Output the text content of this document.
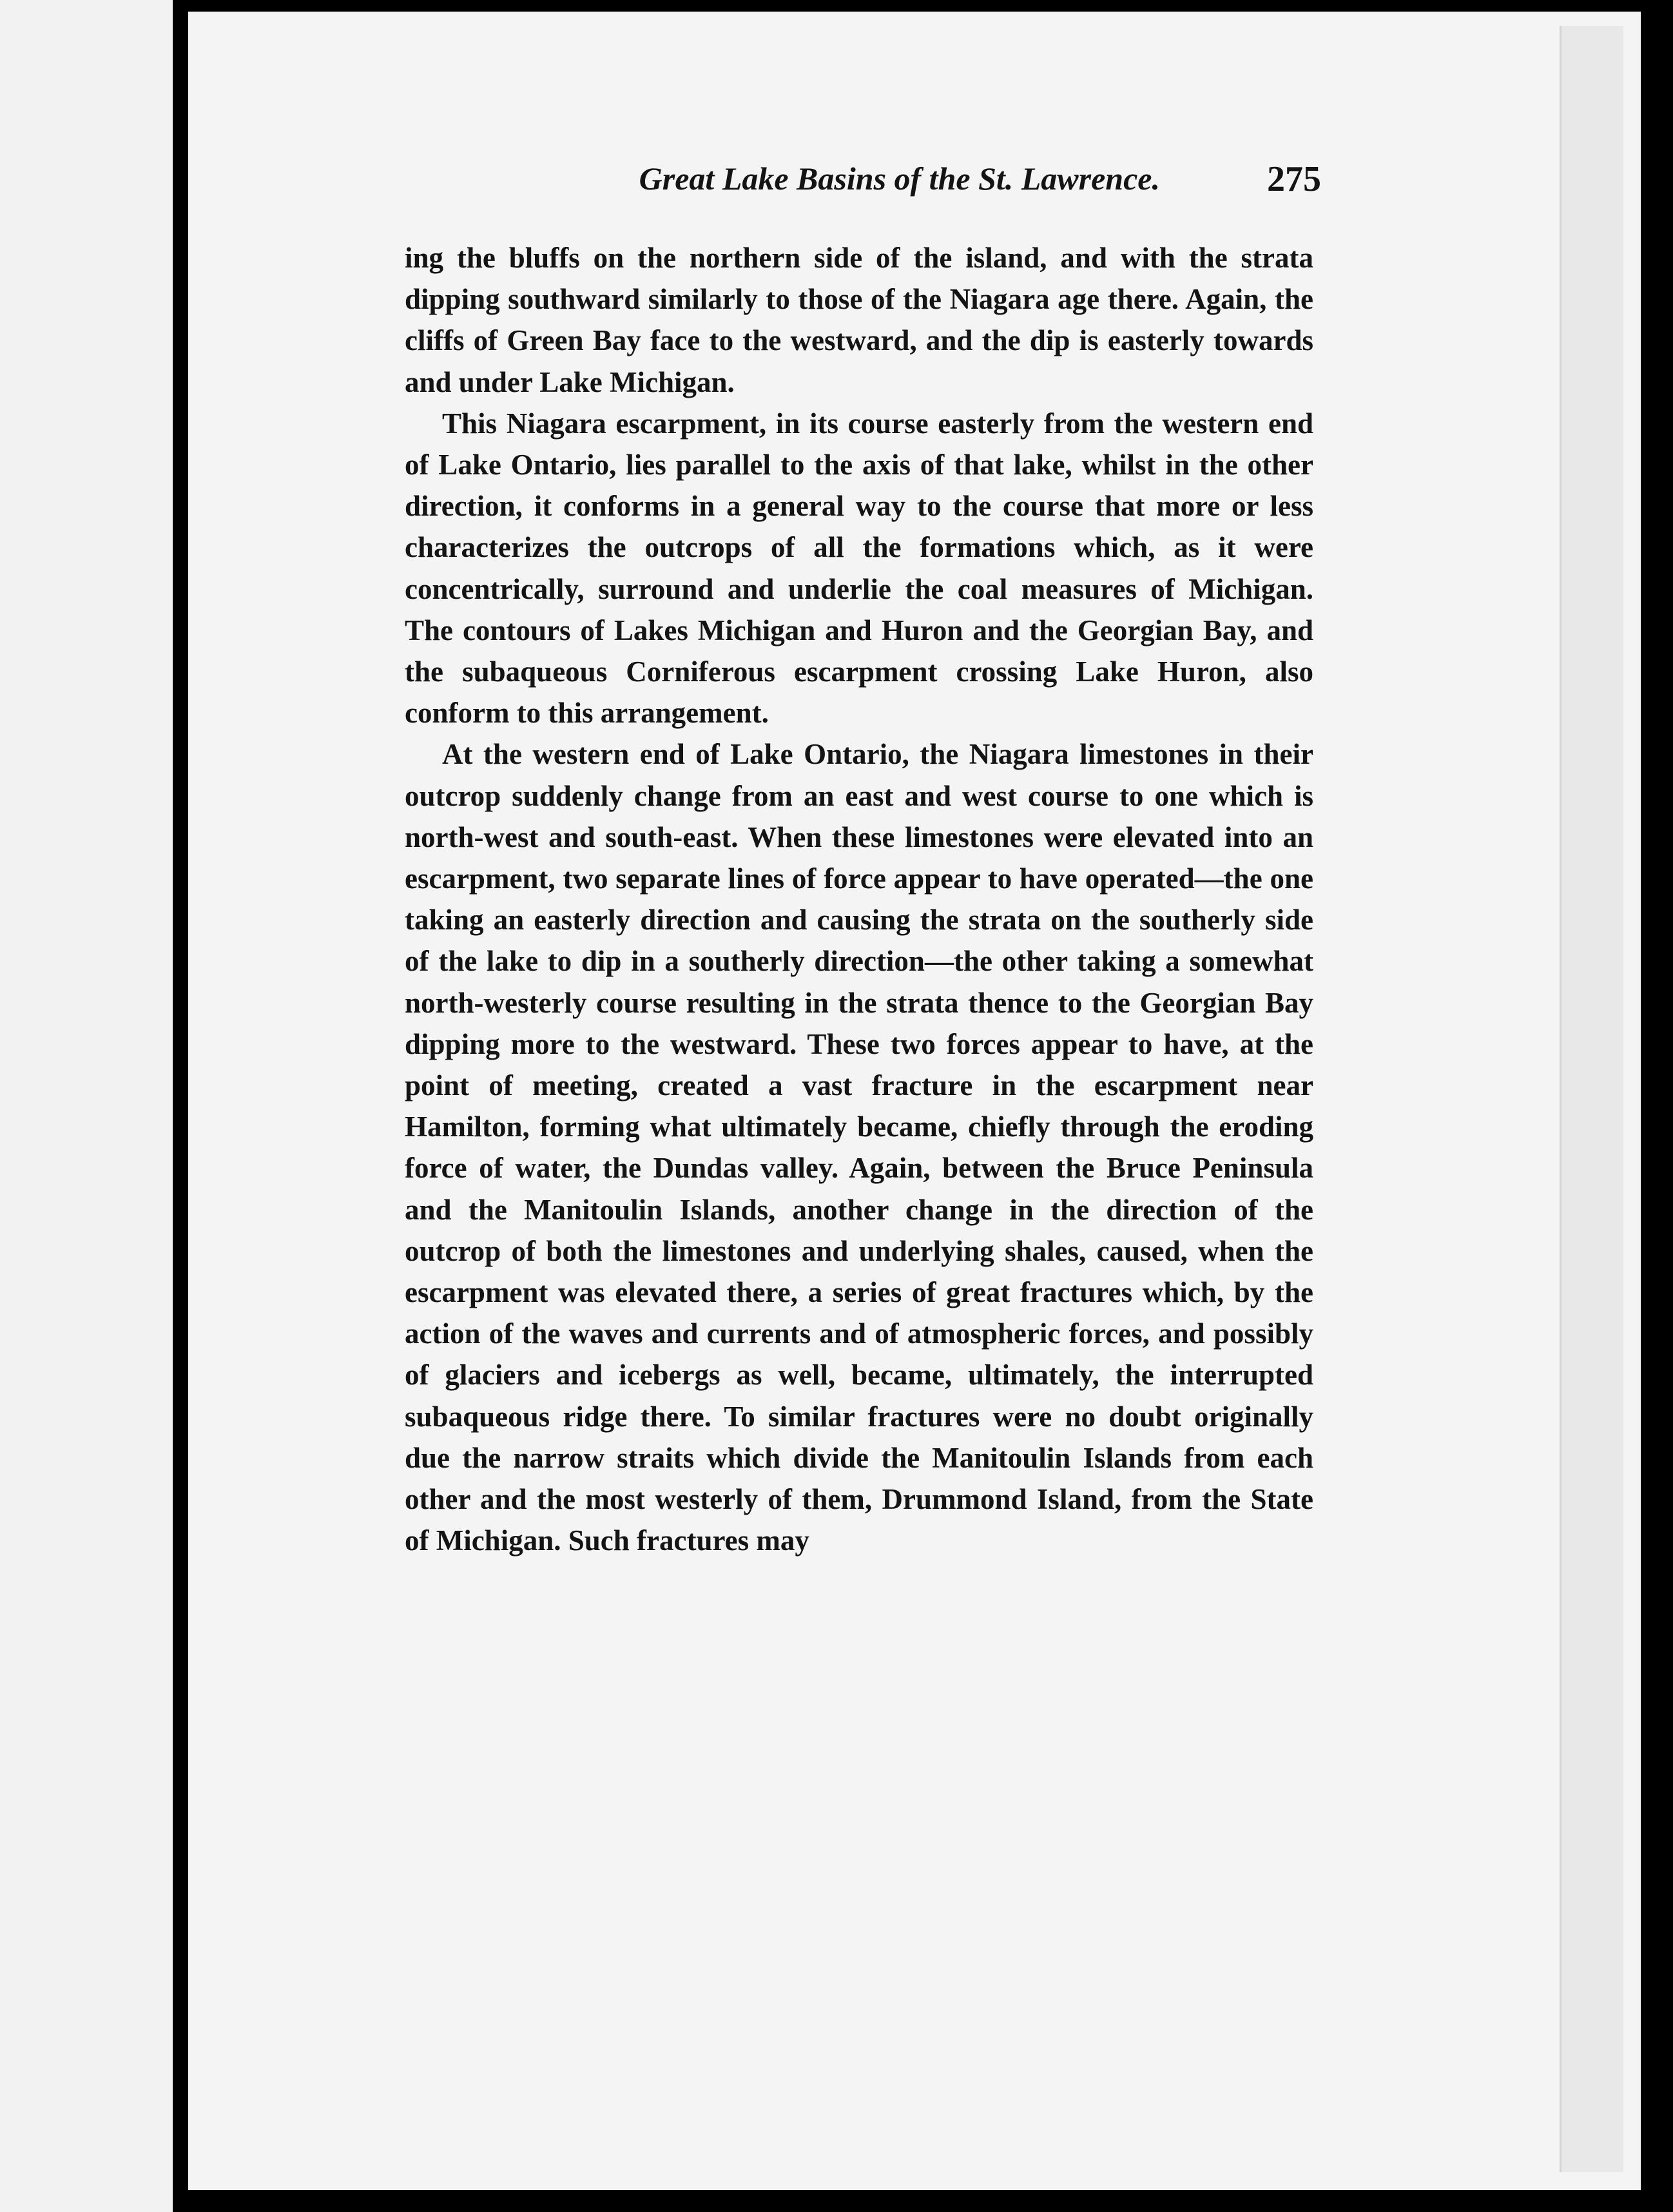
Great Lake Basins of the St. Lawrence.	275

ing the bluffs on the northern side of the island, and with the strata dipping southward similarly to those of the Niagara age there. Again, the cliffs of Green Bay face to the westward, and the dip is easterly towards and under Lake Michigan.

This Niagara escarpment, in its course easterly from the western end of Lake Ontario, lies parallel to the axis of that lake, whilst in the other direction, it conforms in a general way to the course that more or less characterizes the outcrops of all the formations which, as it were concentrically, surround and underlie the coal measures of Michigan. The contours of Lakes Michigan and Huron and the Georgian Bay, and the subaqueous Corniferous escarpment crossing Lake Huron, also conform to this arrangement.

At the western end of Lake Ontario, the Niagara limestones in their outcrop suddenly change from an east and west course to one which is north-west and south-east. When these limestones were elevated into an escarpment, two separate lines of force appear to have operated—the one taking an easterly direction and causing the strata on the southerly side of the lake to dip in a southerly direction—the other taking a somewhat north-westerly course resulting in the strata thence to the Georgian Bay dipping more to the westward. These two forces appear to have, at the point of meeting, created a vast fracture in the escarpment near Hamilton, forming what ultimately became, chiefly through the eroding force of water, the Dundas valley. Again, between the Bruce Peninsula and the Manitoulin Islands, another change in the direction of the outcrop of both the limestones and underlying shales, caused, when the escarpment was elevated there, a series of great fractures which, by the action of the waves and currents and of atmospheric forces, and possibly of glaciers and icebergs as well, became, ultimately, the interrupted subaqueous ridge there. To similar fractures were no doubt originally due the narrow straits which divide the Manitoulin Islands from each other and the most westerly of them, Drummond Island, from the State of Michigan. Such fractures may
